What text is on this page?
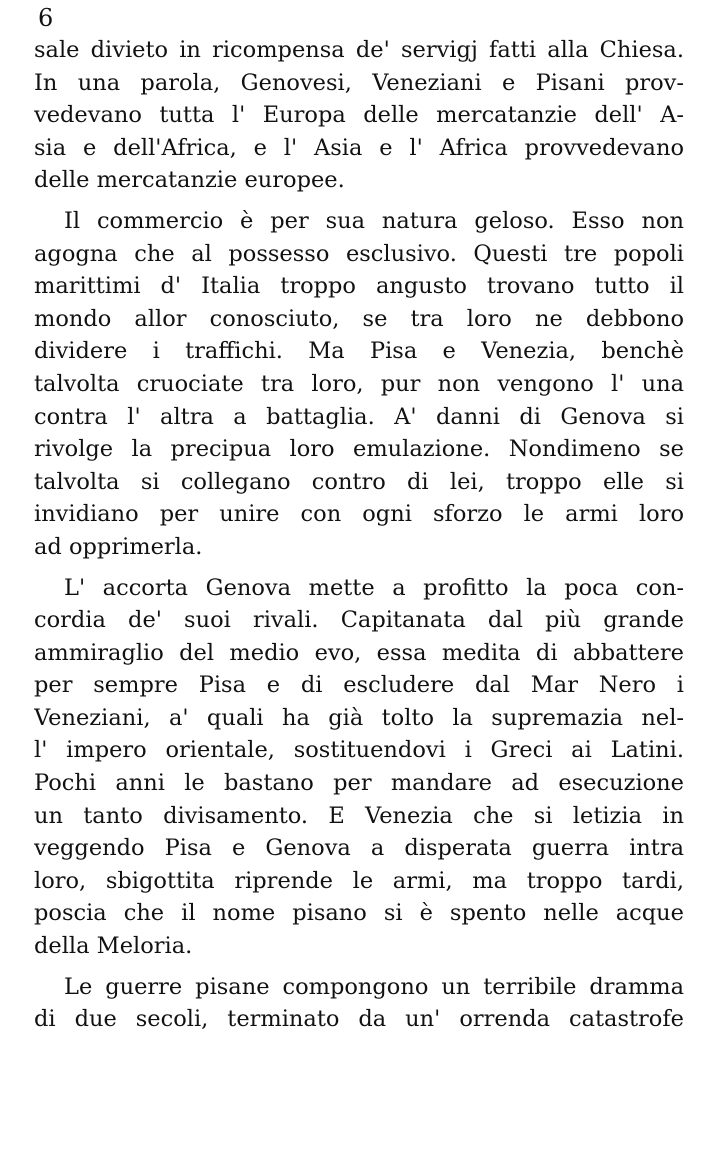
6
sale divieto in ricompensa de' servigj fatti alla Chiesa.
In una parola, Genovesi, Veneziani e Pisani prov-
vedevano tutta l' Europa delle mercatanzie dell' A-
sia e dell'Africa, e l' Asia e l' Africa provvedevano
delle mercatanzie europee.
Il commercio è per sua natura geloso. Esso non
agogna che al possesso esclusivo. Questi tre popoli
marittimi d' Italia troppo angusto trovano tutto il
mondo allor conosciuto, se tra loro ne debbono
dividere i traffichi. Ma Pisa e Venezia, benchè
talvolta cruociate tra loro, pur non vengono l' una
contra l' altra a battaglia. A' danni di Genova si
rivolge la precipua loro emulazione. Nondimeno se
talvolta si collegano contro di lei, troppo elle si
invidiano per unire con ogni sforzo le armi loro
ad opprimerla.
L' accorta Genova mette a profitto la poca con-
cordia de' suoi rivali. Capitanata dal più grande
ammiraglio del medio evo, essa medita di abbattere
per sempre Pisa e di escludere dal Mar Nero i
Veneziani, a' quali ha già tolto la supremazia nel-
l' impero orientale, sostituendovi i Greci ai Latini.
Pochi anni le bastano per mandare ad esecuzione
un tanto divisamento. E Venezia che si letizia in
veggendo Pisa e Genova a disperata guerra intra
loro, sbigottita riprende le armi, ma troppo tardi,
poscia che il nome pisano si è spento nelle acque
della Meloria.
Le guerre pisane compongono un terribile dramma
di due secoli, terminato da un' orrenda catastrofe
